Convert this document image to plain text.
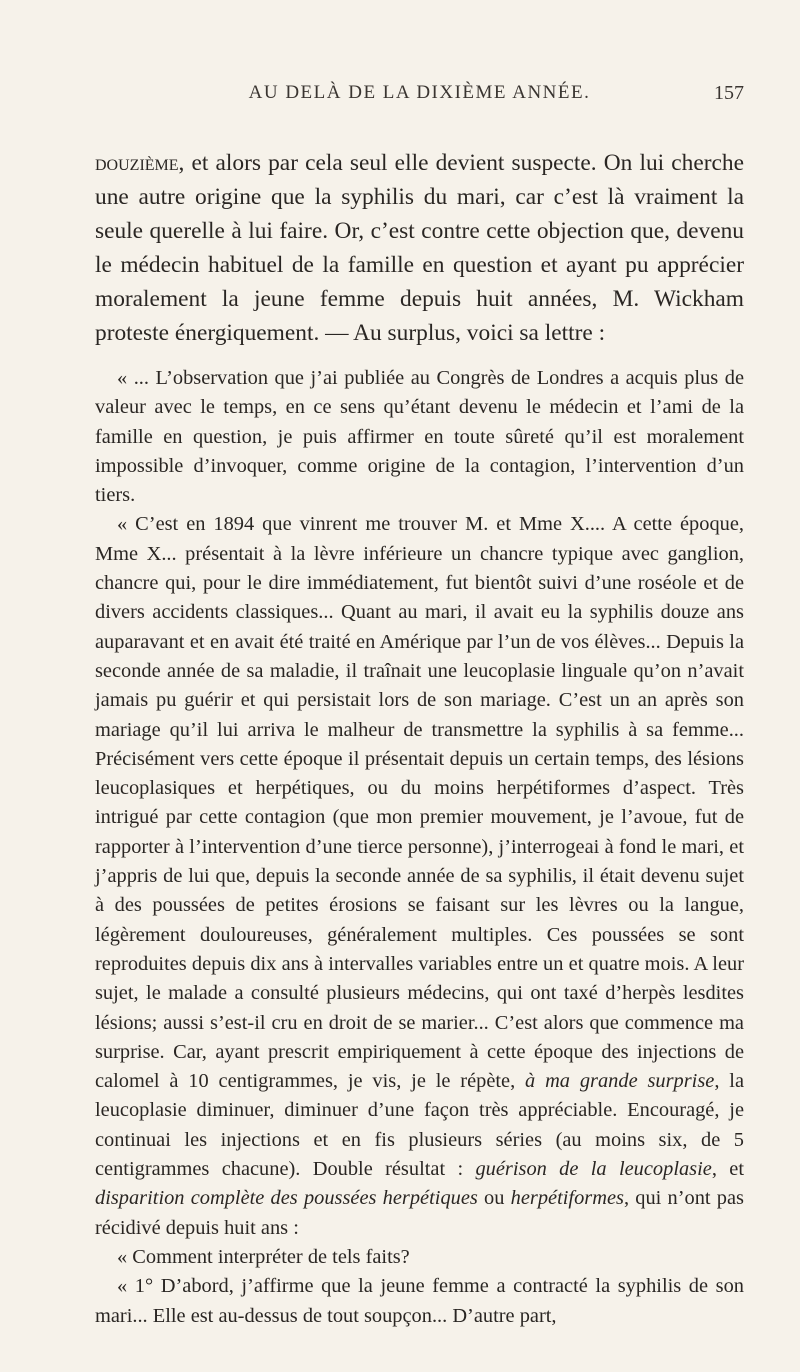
AU DELÀ DE LA DIXIÈME ANNÉE.	157

douzième, et alors par cela seul elle devient suspecte. On lui cherche une autre origine que la syphilis du mari, car c’est là vraiment la seule querelle à lui faire. Or, c’est contre cette objection que, devenu le médecin habituel de la famille en question et ayant pu apprécier moralement la jeune femme depuis huit années, M. Wickham proteste énergiquement. — Au surplus, voici sa lettre :

« ... L’observation que j’ai publiée au Congrès de Londres a acquis plus de valeur avec le temps, en ce sens qu’étant devenu le médecin et l’ami de la famille en question, je puis affirmer en toute sûreté qu’il est moralement impossible d’invoquer, comme origine de la contagion, l’intervention d’un tiers.

« C’est en 1894 que vinrent me trouver M. et Mme X.... A cette époque, Mme X... présentait à la lèvre inférieure un chancre typique avec ganglion, chancre qui, pour le dire immédiatement, fut bientôt suivi d’une roséole et de divers accidents classiques... Quant au mari, il avait eu la syphilis douze ans auparavant et en avait été traité en Amérique par l’un de vos élèves... Depuis la seconde année de sa maladie, il traînait une leucoplasie linguale qu’on n’avait jamais pu guérir et qui persistait lors de son mariage. C’est un an après son mariage qu’il lui arriva le malheur de transmettre la syphilis à sa femme... Précisément vers cette époque il présentait depuis un certain temps, des lésions leucoplasiques et herpétiques, ou du moins herpétiformes d’aspect. Très intrigué par cette contagion (que mon premier mouvement, je l’avoue, fut de rapporter à l’intervention d’une tierce personne), j’interrogeai à fond le mari, et j’appris de lui que, depuis la seconde année de sa syphilis, il était devenu sujet à des poussées de petites érosions se faisant sur les lèvres ou la langue, légèrement douloureuses, généralement multiples. Ces poussées se sont reproduites depuis dix ans à intervalles variables entre un et quatre mois. A leur sujet, le malade a consulté plusieurs médecins, qui ont taxé d’herpès lesdites lésions; aussi s’est-il cru en droit de se marier... C’est alors que commence ma surprise. Car, ayant prescrit empiriquement à cette époque des injections de calomel à 10 centigrammes, je vis, je le répète, à ma grande surprise, la leucoplasie diminuer, diminuer d’une façon très appréciable. Encouragé, je continuai les injections et en fis plusieurs séries (au moins six, de 5 centigrammes chacune). Double résultat : guérison de la leucoplasie, et disparition complète des poussées herpétiques ou herpétiformes, qui n’ont pas récidivé depuis huit ans :

« Comment interpréter de tels faits?

« 1° D’abord, j’affirme que la jeune femme a contracté la syphilis de son mari... Elle est au-dessus de tout soupçon... D’autre part,
